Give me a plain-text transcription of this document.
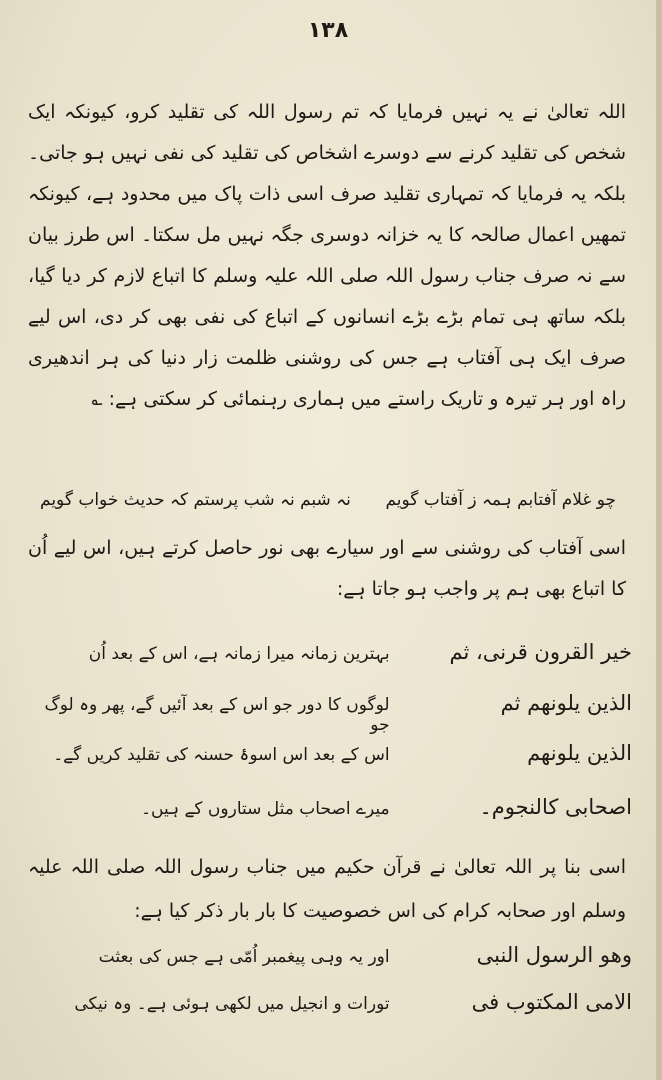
۱۳۸
اللہ تعالیٰ نے یہ نہیں فرمایا کہ تم رسول اللہ کی تقلید کرو، کیونکہ ایک شخص کی تقلید کرنے سے دوسرے اشخاص کی تقلید کی نفی نہیں ہو جاتی۔ بلکہ یہ فرمایا کہ تمہاری تقلید صرف اسی ذات پاک میں محدود ہے، کیونکہ تمھیں اعمال صالحہ کا یہ خزانہ دوسری جگہ نہیں مل سکتا۔ اس طرز بیان سے نہ صرف جناب رسول اللہ صلی اللہ علیہ وسلم کا اتباع لازم کر دیا گیا، بلکہ ساتھ ہی تمام بڑے بڑے انسانوں کے اتباع کی نفی بھی کر دی، اس لیے صرف ایک ہی آفتاب ہے جس کی روشنی ظلمت زار دنیا کی ہر اندھیری راہ اور ہر تیرہ و تاریک راستے میں ہماری رہنمائی کر سکتی ہے: ؎
چو غلام آفتابم ہمہ ز آفتاب گویم
نہ شبم نہ شب پرستم کہ حدیث خواب گویم
اسی آفتاب کی روشنی سے اور سیارے بھی نور حاصل کرتے ہیں، اس لیے اُن کا اتباع بھی ہم پر واجب ہو جاتا ہے:
خیر القرون قرنی، ثم
بہترین زمانہ میرا زمانہ ہے، اس کے بعد اُن
الذین یلونھم ثم
لوگوں کا دور جو اس کے بعد آئیں گے، پھر وہ لوگ جو
الذین یلونھم
اس کے بعد اس اسوۂ حسنہ کی تقلید کریں گے۔
اصحابی کالنجوم۔
میرے اصحاب مثل ستاروں کے ہیں۔
اسی بنا پر اللہ تعالیٰ نے قرآن حکیم میں جناب رسول اللہ صلی اللہ علیہ وسلم اور صحابہ کرام کی اس خصوصیت کا بار بار ذکر کیا ہے:
وھو الرسول النبی
اور یہ وہی پیغمبر اُمّی ہے جس کی بعثت
الامی المکتوب فی
تورات و انجیل میں لکھی ہوئی ہے۔ وہ نیکی
